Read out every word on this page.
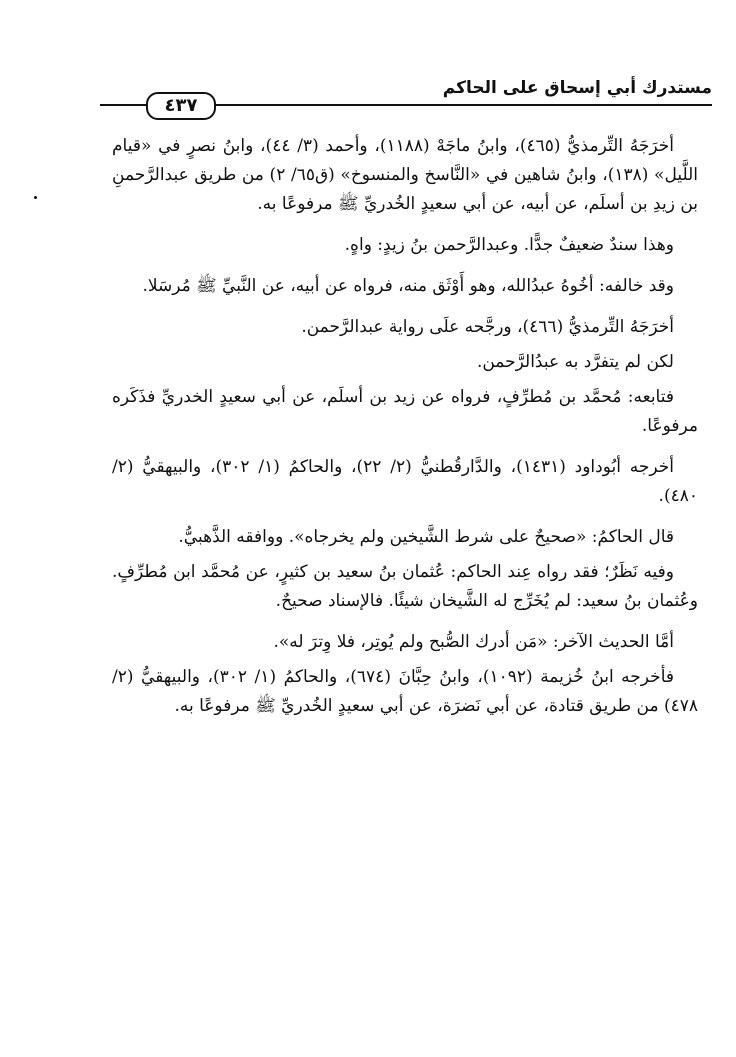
مستدرك أبي إسحاق على الحاكم
٤٣٧

أخرَجَهُ التِّرمذيُّ (٤٦٥)، وابنُ ماجَهْ (١١٨٨)، وأحمد (٣/ ٤٤)، وابنُ نصرٍ في «قيام اللَّيل» (١٣٨)، وابنُ شاهين في «النَّاسخ والمنسوخ» (ق٦٥/ ٢) من طريق عبدالرَّحمنِ بن زيدِ بن أسلَم، عن أبيه، عن أبي سعيدٍ الخُدريِّ ﷺ مرفوعًا به.

وهذا سندٌ ضعيفٌ جدًّا. وعبدالرَّحمن بنُ زيدٍ: واهٍ.

وقد خالفه: أخُوهُ عبدُالله، وهو أَوْثَق منه، فرواه عن أبيه، عن النَّبيِّ ﷺ مُرسَلا.

أخرَجَهُ التِّرمذيُّ (٤٦٦)، ورجَّحه علَى رواية عبدالرَّحمن.

لكن لم يتفرَّد به عبدُالرَّحمن.

فتابعه: مُحمَّد بن مُطرِّفٍ، فرواه عن زيد بن أسلَم، عن أبي سعيدٍ الخدريِّ فذَكَره مرفوعًا.

أخرجه أبُوداود (١٤٣١)، والدَّارقُطنيُّ (٢/ ٢٢)، والحاكمُ (١/ ٣٠٢)، والبيهقيُّ (٢/ ٤٨٠).

قال الحاكمُ: «صحيحٌ على شرط الشَّيخين ولم يخرجاه». ووافقه الذَّهبيُّ.

وفيه نَظَرٌ؛ فقد رواه عِند الحاكم: عُثمان بنُ سعيد بن كثيرٍ، عن مُحمَّد ابن مُطرِّفٍ. وعُثمان بنُ سعيد: لم يُخَرِّج له الشَّيخان شيئًا. فالإسناد صحيحٌ.

أمَّا الحديث الآخر: «مَن أدرك الصُّبح ولم يُوتِر، فلا وِترَ له».

فأخرجه ابنُ خُزيمة (١٠٩٢)، وابنُ حِبَّانَ (٦٧٤)، والحاكمُ (١/ ٣٠٢)، والبيهقيُّ (٢/ ٤٧٨) من طريق قتادة، عن أبي نَضرَة، عن أبي سعيدٍ الخُدريِّ ﷺ مرفوعًا به.
